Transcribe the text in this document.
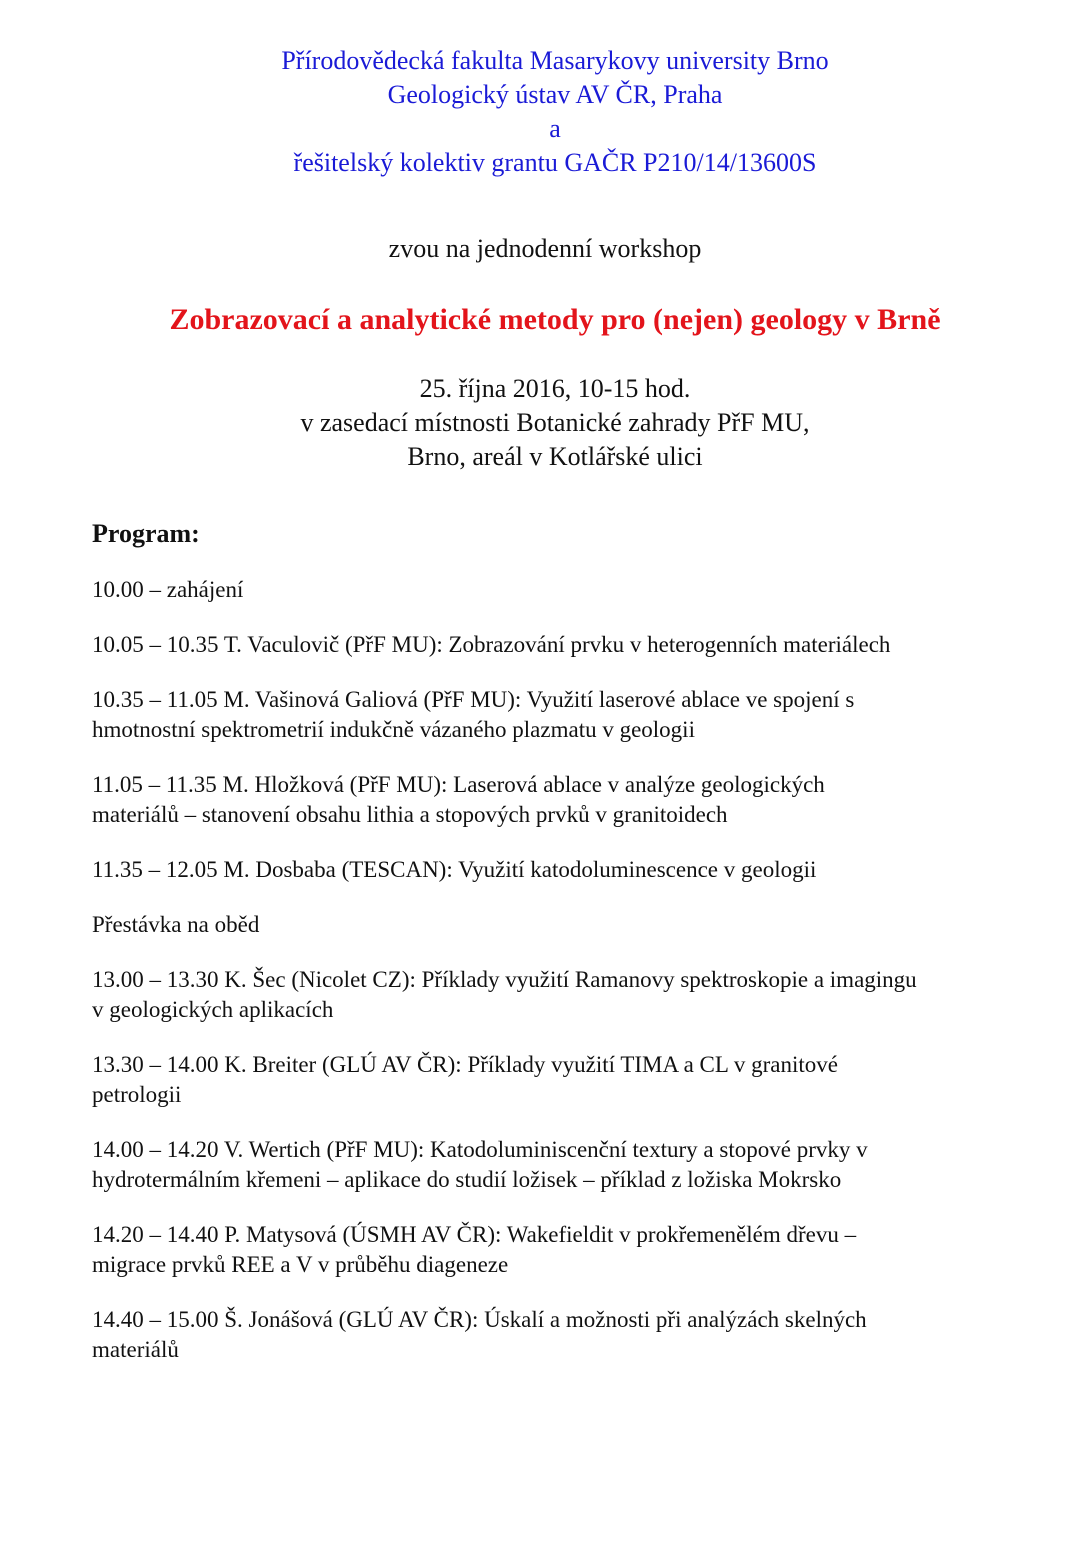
Přírodovědecká fakulta Masarykovy university Brno
Geologický ústav AV ČR, Praha
a
řešitelský kolektiv grantu GAČR P210/14/13600S
zvou na jednodenní workshop
Zobrazovací a analytické metody pro (nejen) geology v Brně
25. října 2016, 10-15 hod.
v zasedací místnosti Botanické zahrady PřF MU,
Brno, areál v Kotlářské ulici
Program:
10.00 – zahájení
10.05 – 10.35 T. Vaculovič (PřF MU): Zobrazování prvku v heterogenních materiálech
10.35 – 11.05 M. Vašinová Galiová (PřF MU): Využití laserové ablace ve spojení s
hmotnostní spektrometrií indukčně vázaného plazmatu v geologii
11.05 – 11.35 M. Hložková (PřF MU): Laserová ablace v analýze geologických
materiálů – stanovení obsahu lithia a stopových prvků v granitoidech
11.35 – 12.05 M. Dosbaba (TESCAN): Využití katodoluminescence v geologii
Přestávka na oběd
13.00 – 13.30 K. Šec (Nicolet CZ): Příklady využití Ramanovy spektroskopie a imagingu
v geologických aplikacích
13.30 – 14.00 K. Breiter (GLÚ AV ČR): Příklady využití TIMA a CL v granitové
petrologii
14.00 – 14.20 V. Wertich (PřF MU): Katodoluminiscenční textury a stopové prvky v
hydrotermálním křemeni – aplikace do studií ložisek – příklad z ložiska Mokrsko
14.20 – 14.40 P. Matysová (ÚSMH AV ČR): Wakefieldit v prokřemenělém dřevu –
migrace prvků REE a V v průběhu diageneze
14.40 – 15.00 Š. Jonášová (GLÚ AV ČR): Úskalí a možnosti při analýzách skelných
materiálů
